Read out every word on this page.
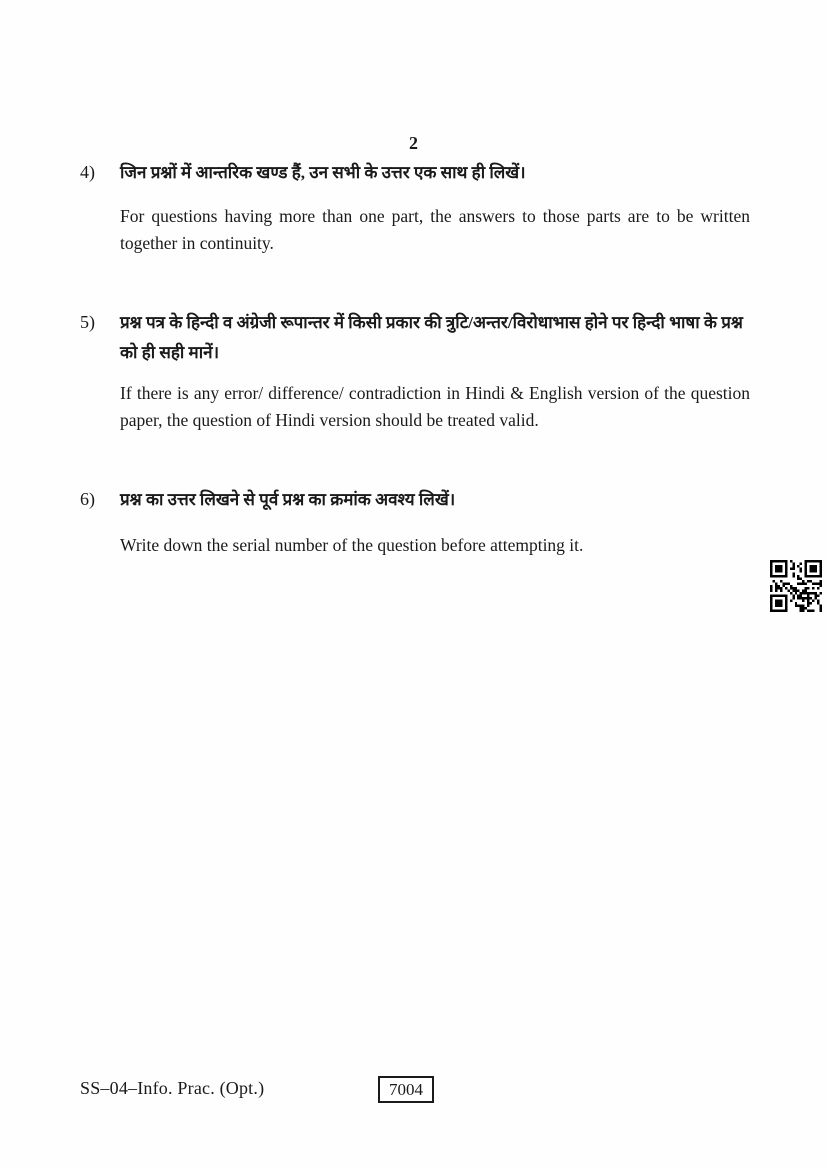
2
4)	जिन प्रश्नों में आन्तरिक खण्ड हैं, उन सभी के उत्तर एक साथ ही लिखें।

For questions having more than one part, the answers to those parts are to be written together in continuity.

5)	प्रश्न पत्र के हिन्दी व अंग्रेजी रूपान्तर में किसी प्रकार की त्रुटि/अन्तर/विरोधाभास होने पर हिन्दी भाषा के प्रश्न को ही सही मानें।

If there is any error/ difference/ contradiction in Hindi & English version of the question paper, the question of Hindi version should be treated valid.

6)	प्रश्न का उत्तर लिखने से पूर्व प्रश्न का क्रमांक अवश्य लिखें।

Write down the serial number of the question before attempting it.

SS–04–Info. Prac. (Opt.)	7004
